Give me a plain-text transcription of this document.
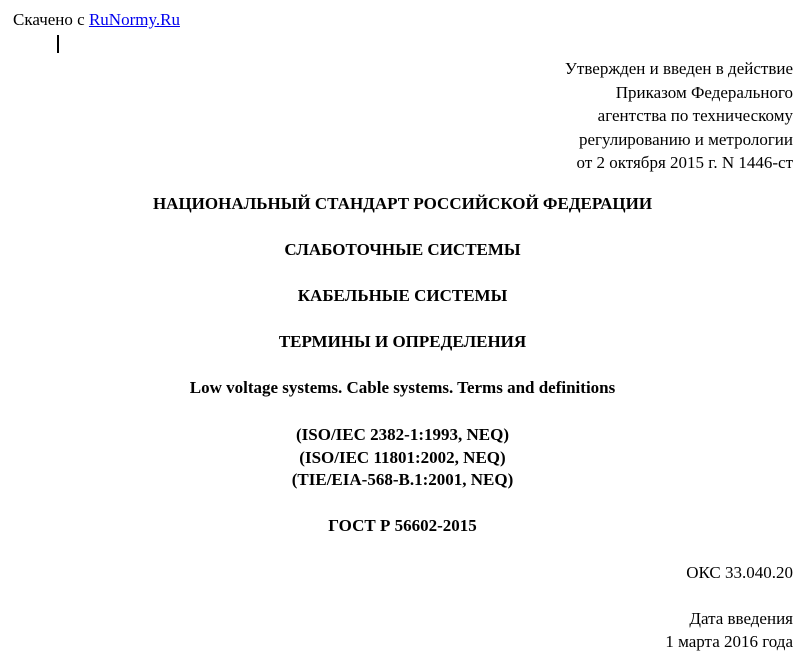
Скачено с RuNormy.Ru
Утвержден и введен в действие
Приказом Федерального
агентства по техническому
регулированию и метрологии
от 2 октября 2015 г. N 1446-ст
НАЦИОНАЛЬНЫЙ СТАНДАРТ РОССИЙСКОЙ ФЕДЕРАЦИИ
СЛАБОТОЧНЫЕ СИСТЕМЫ
КАБЕЛЬНЫЕ СИСТЕМЫ
ТЕРМИНЫ И ОПРЕДЕЛЕНИЯ
Low voltage systems. Cable systems. Terms and definitions
(ISO/IEC 2382-1:1993, NEQ)
(ISO/IEC 11801:2002, NEQ)
(TIE/EIA-568-B.1:2001, NEQ)
ГОСТ Р 56602-2015
ОКС 33.040.20
Дата введения
1 марта 2016 года
